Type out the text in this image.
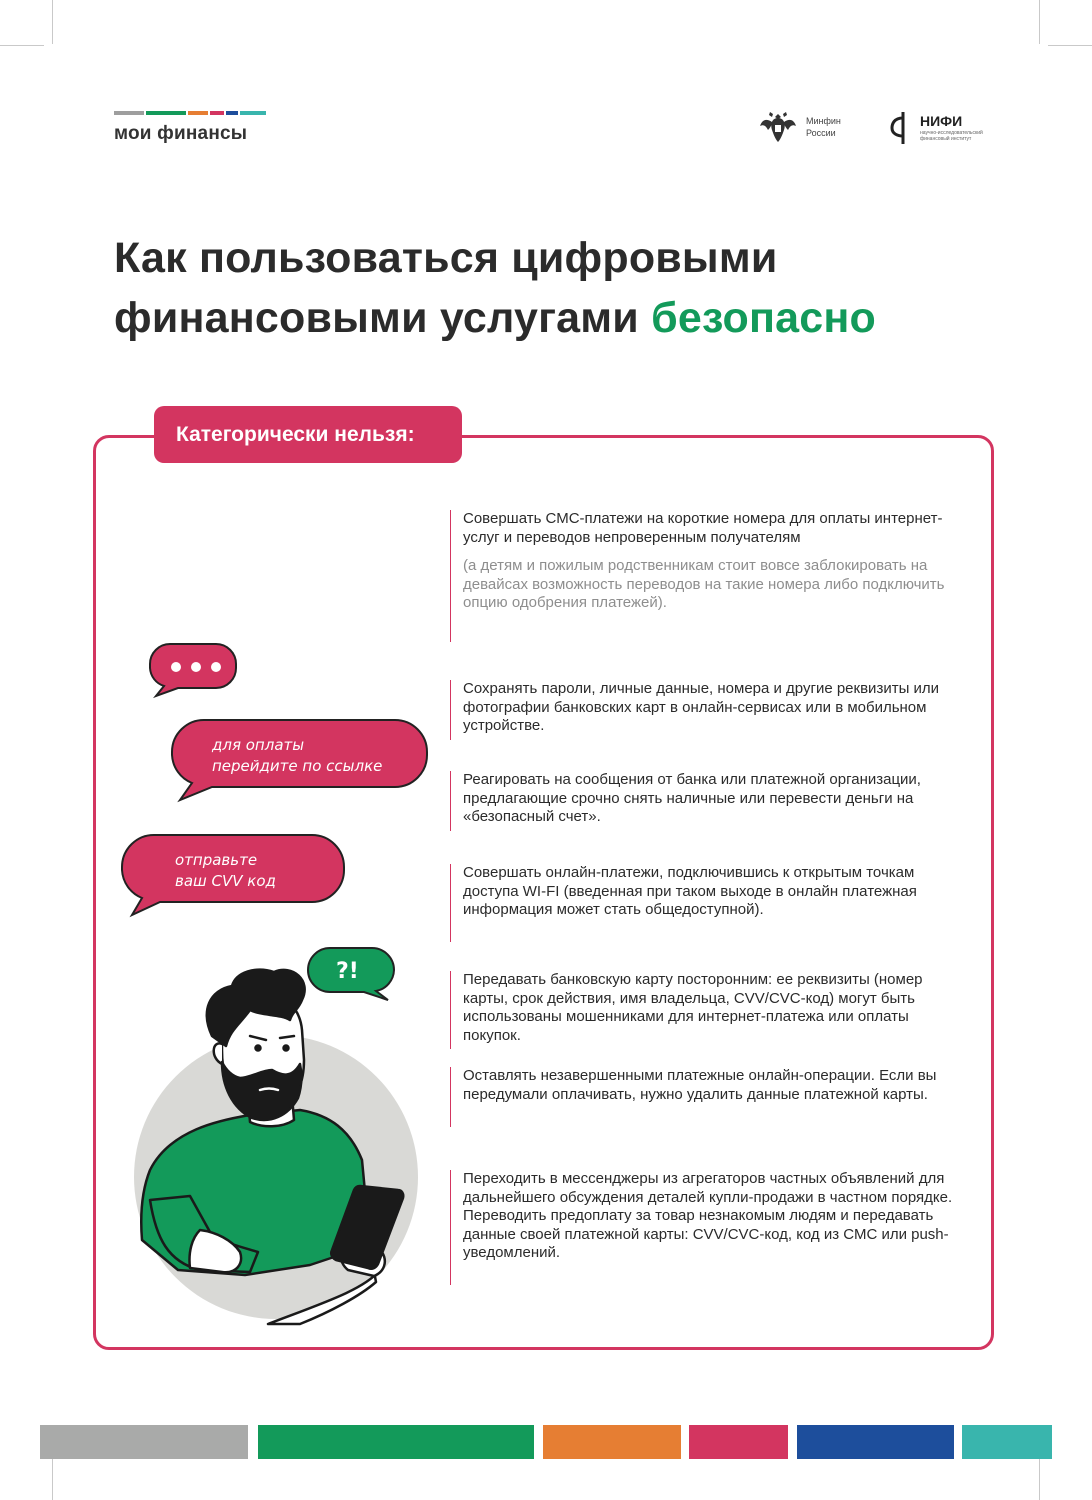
мои финансы
Минфин
России
НИФИ
научно-исследовательский финансовый институт
Как пользоваться цифровыми
финансовыми услугами безопасно
Категорически нельзя:
для оплаты
перейдите по ссылке
отправьте
ваш CVV код
?!
Совершать СМС-платежи на короткие номера для оплаты интернет-услуг и переводов непроверенным получателям
(а детям и пожилым родственникам стоит вовсе заблокировать на девайсах возможность переводов на такие номера либо подключить опцию одобрения платежей).
Сохранять пароли, личные данные, номера и другие реквизиты или фотографии банковских карт в онлайн-сервисах или в мобильном устройстве.
Реагировать на сообщения от банка или платежной организации, предлагающие срочно снять наличные или перевести деньги на «безопасный счет».
Совершать онлайн-платежи, подключившись к открытым точкам доступа WI-FI (введенная при таком выходе в онлайн платежная информация может стать общедоступной).
Передавать банковскую карту посторонним: ее реквизиты (номер карты, срок действия, имя владельца, CVV/CVC-код) могут быть использованы мошенниками для интернет-платежа или оплаты покупок.
Оставлять незавершенными платежные онлайн-операции. Если вы передумали оплачивать, нужно удалить данные платежной карты.
Переходить в мессенджеры из агрегаторов частных объявлений для дальнейшего обсуждения деталей купли-продажи в частном порядке. Переводить предоплату за товар незнакомым людям и передавать данные своей платежной карты: CVV/CVC-код, код из СМС или push-уведомлений.
